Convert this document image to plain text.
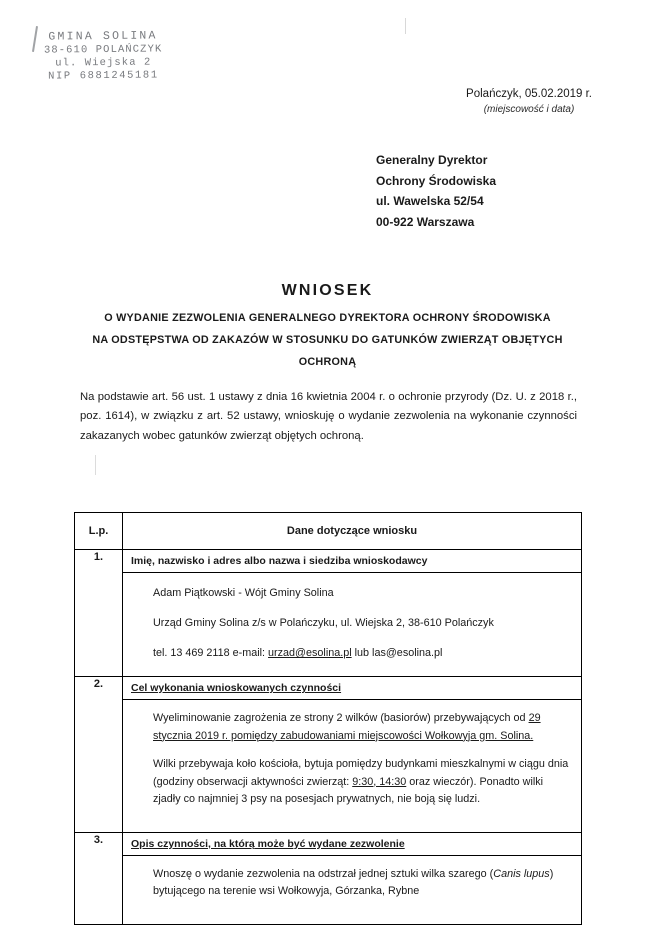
GMINA SOLINA
38-610 POLAŃCZYK
ul. Wiejska 2
NIP 6881245181
Polańczyk, 05.02.2019 r.
(miejscowość i data)
Generalny Dyrektor
Ochrony Środowiska
ul. Wawelska 52/54
00-922 Warszawa
WNIOSEK
O WYDANIE ZEZWOLENIA GENERALNEGO DYREKTORA OCHRONY ŚRODOWISKA
NA ODSTĘPSTWA OD ZAKAZÓW W STOSUNKU DO GATUNKÓW ZWIERZĄT OBJĘTYCH
OCHRONĄ
Na podstawie art. 56 ust. 1 ustawy z dnia 16 kwietnia 2004 r. o ochronie przyrody (Dz. U. z 2018 r., poz. 1614), w związku z art. 52 ustawy, wnioskuję o wydanie zezwolenia na wykonanie czynności zakazanych wobec gatunków zwierząt objętych ochroną.
L.p.	Dane dotyczące wniosku
1.	Imię, nazwisko i adres albo nazwa i siedziba wnioskodawcy

Adam Piątkowski - Wójt Gminy Solina

Urząd Gminy Solina z/s w Polańczyku, ul. Wiejska 2, 38-610 Polańczyk

tel. 13 469 2118 e-mail: urzad@esolina.pl lub las@esolina.pl

2.	Cel wykonania wnioskowanych czynności

Wyeliminowanie zagrożenia ze strony 2 wilków (basiorów) przebywających od 29 stycznia 2019 r. pomiędzy zabudowaniami miejscowości Wołkowyja gm. Solina.

Wilki przebywaja koło kościoła, bytuja pomiędzy budynkami mieszkalnymi w ciągu dnia (godziny obserwacji aktywności zwierząt: 9:30, 14:30 oraz wieczór). Ponadto wilki zjadły co najmniej 3 psy na posesjach prywatnych, nie boją się ludzi.

3.	Opis czynności, na którą może być wydane zezwolenie

Wnoszę o wydanie zezwolenia na odstrzał jednej sztuki wilka szarego (Canis lupus)
bytującego na terenie wsi Wołkowyja, Górzanka, Rybne
